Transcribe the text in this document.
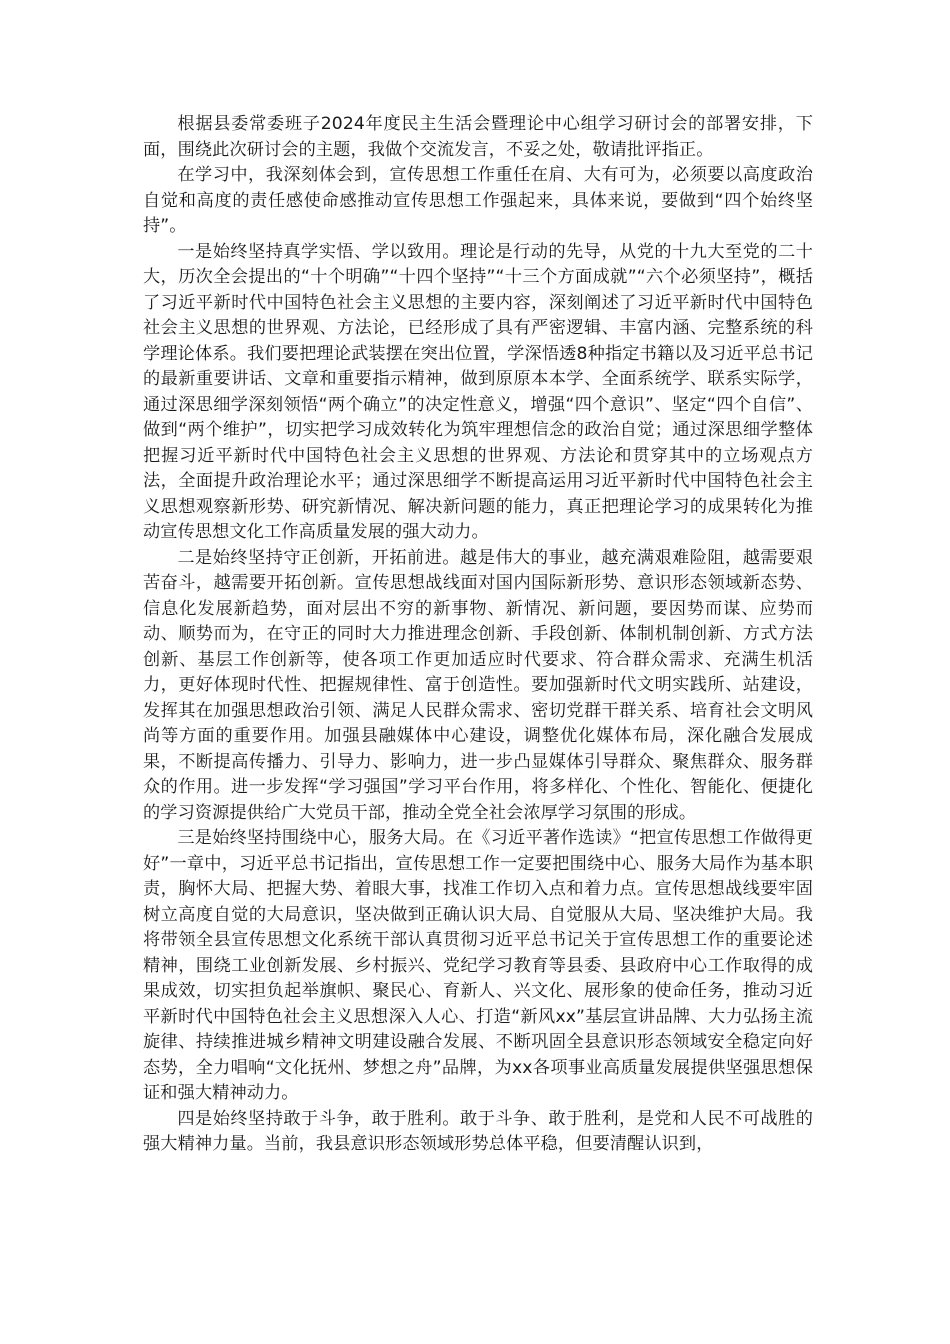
根据县委常委班子2024年度民主生活会暨理论中心组学习研讨会的部署安排，下面，围绕此次研讨会的主题，我做个交流发言，不妥之处，敬请批评指正。

在学习中，我深刻体会到，宣传思想工作重任在肩、大有可为，必须要以高度政治自觉和高度的责任感使命感推动宣传思想工作强起来，具体来说，要做到“四个始终坚持”。

一是始终坚持真学实悟、学以致用。理论是行动的先导，从党的十九大至党的二十大，历次全会提出的“十个明确”“十四个坚持”“十三个方面成就”“六个必须坚持”，概括了习近平新时代中国特色社会主义思想的主要内容，深刻阐述了习近平新时代中国特色社会主义思想的世界观、方法论，已经形成了具有严密逻辑、丰富内涵、完整系统的科学理论体系。我们要把理论武装摆在突出位置，学深悟透8种指定书籍以及习近平总书记的最新重要讲话、文章和重要指示精神，做到原原本本学、全面系统学、联系实际学，通过深思细学深刻领悟“两个确立”的决定性意义，增强“四个意识”、坚定“四个自信”、做到“两个维护”，切实把学习成效转化为筑牢理想信念的政治自觉；通过深思细学整体把握习近平新时代中国特色社会主义思想的世界观、方法论和贯穿其中的立场观点方法，全面提升政治理论水平；通过深思细学不断提高运用习近平新时代中国特色社会主义思想观察新形势、研究新情况、解决新问题的能力，真正把理论学习的成果转化为推动宣传思想文化工作高质量发展的强大动力。

二是始终坚持守正创新，开拓前进。越是伟大的事业，越充满艰难险阻，越需要艰苦奋斗，越需要开拓创新。宣传思想战线面对国内国际新形势、意识形态领域新态势、信息化发展新趋势，面对层出不穷的新事物、新情况、新问题，要因势而谋、应势而动、顺势而为，在守正的同时大力推进理念创新、手段创新、体制机制创新、方式方法创新、基层工作创新等，使各项工作更加适应时代要求、符合群众需求、充满生机活力，更好体现时代性、把握规律性、富于创造性。要加强新时代文明实践所、站建设，发挥其在加强思想政治引领、满足人民群众需求、密切党群干群关系、培育社会文明风尚等方面的重要作用。加强县融媒体中心建设，调整优化媒体布局，深化融合发展成果，不断提高传播力、引导力、影响力，进一步凸显媒体引导群众、聚焦群众、服务群众的作用。进一步发挥“学习强国”学习平台作用，将多样化、个性化、智能化、便捷化的学习资源提供给广大党员干部，推动全党全社会浓厚学习氛围的形成。

三是始终坚持围绕中心，服务大局。在《习近平著作选读》“把宣传思想工作做得更好”一章中，习近平总书记指出，宣传思想工作一定要把围绕中心、服务大局作为基本职责，胸怀大局、把握大势、着眼大事，找准工作切入点和着力点。宣传思想战线要牢固树立高度自觉的大局意识，坚决做到正确认识大局、自觉服从大局、坚决维护大局。我将带领全县宣传思想文化系统干部认真贯彻习近平总书记关于宣传思想工作的重要论述精神，围绕工业创新发展、乡村振兴、党纪学习教育等县委、县政府中心工作取得的成果成效，切实担负起举旗帜、聚民心、育新人、兴文化、展形象的使命任务，推动习近平新时代中国特色社会主义思想深入人心、打造“新风xx”基层宣讲品牌、大力弘扬主流旋律、持续推进城乡精神文明建设融合发展、不断巩固全县意识形态领域安全稳定向好态势，全力唱响“文化抚州、梦想之舟”品牌，为xx各项事业高质量发展提供坚强思想保证和强大精神动力。

四是始终坚持敢于斗争，敢于胜利。敢于斗争、敢于胜利，是党和人民不可战胜的强大精神力量。当前，我县意识形态领域形势总体平稳，但要清醒认识到，
